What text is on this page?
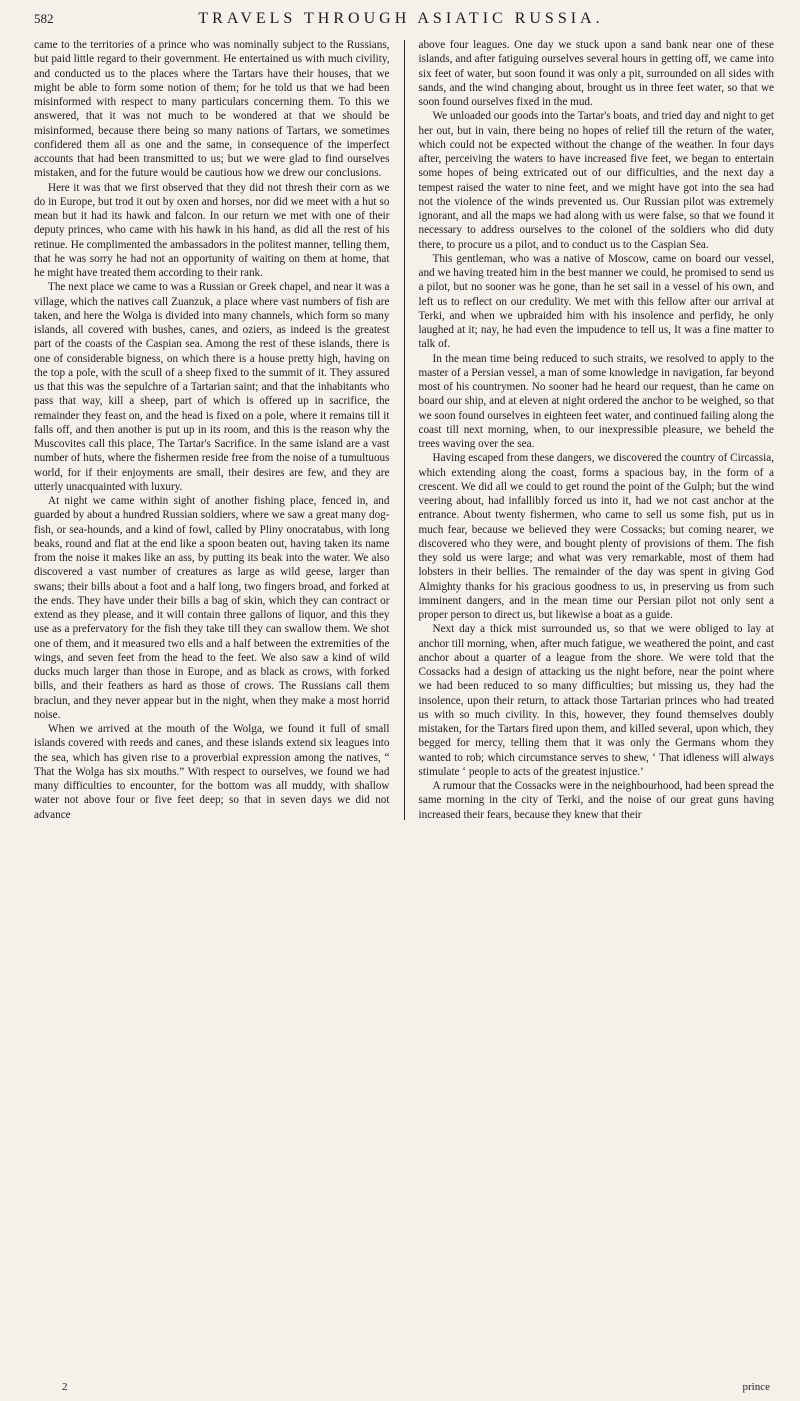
582	TRAVELS THROUGH ASIATIC RUSSIA.

came to the territories of a prince who was nominally subject to the Russians, but paid little regard to their government. He entertained us with much civility, and conducted us to the places where the Tartars have their houses, that we might be able to form some notion of them; for he told us that we had been misinformed with respect to many particulars concerning them. To this we answered, that it was not much to be wondered at that we should be misinformed, because there being so many nations of Tartars, we sometimes confidered them all as one and the same, in consequence of the imperfect accounts that had been transmitted to us; but we were glad to find ourselves mistaken, and for the future would be cautious how we drew our conclusions.

Here it was that we first observed that they did not thresh their corn as we do in Europe, but trod it out by oxen and horses, nor did we meet with a hut so mean but it had its hawk and falcon. In our return we met with one of their deputy princes, who came with his hawk in his hand, as did all the rest of his retinue. He complimented the ambassadors in the politest manner, telling them, that he was sorry he had not an opportunity of waiting on them at home, that he might have treated them according to their rank.

The next place we came to was a Russian or Greek chapel, and near it was a village, which the natives call Zuanzuk, a place where vast numbers of fish are taken, and here the Wolga is divided into many channels, which form so many islands, all covered with bushes, canes, and oziers, as indeed is the greatest part of the coasts of the Caspian sea. Among the rest of these islands, there is one of considerable bigness, on which there is a house pretty high, having on the top a pole, with the scull of a sheep fixed to the summit of it. They assured us that this was the sepulchre of a Tartarian saint; and that the inhabitants who pass that way, kill a sheep, part of which is offered up in sacrifice, the remainder they feast on, and the head is fixed on a pole, where it remains till it falls off, and then another is put up in its room, and this is the reason why the Muscovites call this place, The Tartar's Sacrifice. In the same island are a vast number of huts, where the fishermen reside free from the noise of a tumultuous world, for if their enjoyments are small, their desires are few, and they are utterly unacquainted with luxury.

At night we came within sight of another fishing place, fenced in, and guarded by about a hundred Russian soldiers, where we saw a great many dog-fish, or sea-hounds, and a kind of fowl, called by Pliny onocratabus, with long beaks, round and flat at the end like a spoon beaten out, having taken its name from the noise it makes like an ass, by putting its beak into the water. We also discovered a vast number of creatures as large as wild geese, larger than swans; their bills about a foot and a half long, two fingers broad, and forked at the ends. They have under their bills a bag of skin, which they can contract or extend as they please, and it will contain three gallons of liquor, and this they use as a prefervatory for the fish they take till they can swallow them. We shot one of them, and it measured two ells and a half between the extremities of the wings, and seven feet from the head to the feet. We also saw a kind of wild ducks much larger than those in Europe, and as black as crows, with forked bills, and their feathers as hard as those of crows. The Russians call them braclun, and they never appear but in the night, when they make a most horrid noise.

When we arrived at the mouth of the Wolga, we found it full of small islands covered with reeds and canes, and these islands extend six leagues into the sea, which has given rise to a proverbial expression among the natives, “ That the Wolga has six mouths.” With respect to ourselves, we found we had many difficulties to encounter, for the bottom was all muddy, with shallow water not above four or five feet deep; so that in seven days we did not advance

above four leagues. One day we stuck upon a sand bank near one of these islands, and after fatiguing ourselves several hours in getting off, we came into six feet of water, but soon found it was only a pit, surrounded on all sides with sands, and the wind changing about, brought us in three feet water, so that we soon found ourselves fixed in the mud.

We unloaded our goods into the Tartar's boats, and tried day and night to get her out, but in vain, there being no hopes of relief till the return of the water, which could not be expected without the change of the weather. In four days after, perceiving the waters to have increased five feet, we began to entertain some hopes of being extricated out of our difficulties, and the next day a tempest raised the water to nine feet, and we might have got into the sea had not the violence of the winds prevented us. Our Russian pilot was extremely ignorant, and all the maps we had along with us were false, so that we found it necessary to address ourselves to the colonel of the soldiers who did duty there, to procure us a pilot, and to conduct us to the Caspian Sea.

This gentleman, who was a native of Moscow, came on board our vessel, and we having treated him in the best manner we could, he promised to send us a pilot, but no sooner was he gone, than he set sail in a vessel of his own, and left us to reflect on our credulity. We met with this fellow after our arrival at Terki, and when we upbraided him with his insolence and perfidy, he only laughed at it; nay, he had even the impudence to tell us, It was a fine matter to talk of.

In the mean time being reduced to such straits, we resolved to apply to the master of a Persian vessel, a man of some knowledge in navigation, far beyond most of his countrymen. No sooner had he heard our request, than he came on board our ship, and at eleven at night ordered the anchor to be weighed, so that we soon found ourselves in eighteen feet water, and continued failing along the coast till next morning, when, to our inexpressible pleasure, we beheld the trees waving over the sea.

Having escaped from these dangers, we discovered the country of Circassia, which extending along the coast, forms a spacious bay, in the form of a crescent. We did all we could to get round the point of the Gulph; but the wind veering about, had infallibly forced us into it, had we not cast anchor at the entrance. About twenty fishermen, who came to sell us some fish, put us in much fear, because we believed they were Cossacks; but coming nearer, we discovered who they were, and bought plenty of provisions of them. The fish they sold us were large; and what was very remarkable, most of them had lobsters in their bellies. The remainder of the day was spent in giving God Almighty thanks for his gracious goodness to us, in preserving us from such imminent dangers, and in the mean time our Persian pilot not only sent a proper person to direct us, but likewise a boat as a guide.

Next day a thick mist surrounded us, so that we were obliged to lay at anchor till morning, when, after much fatigue, we weathered the point, and cast anchor about a quarter of a league from the shore. We were told that the Cossacks had a design of attacking us the night before, near the point where we had been reduced to so many difficulties; but missing us, they had the insolence, upon their return, to attack those Tartarian princes who had treated us with so much civility. In this, however, they found themselves doubly mistaken, for the Tartars fired upon them, and killed several, upon which, they begged for mercy, telling them that it was only the Germans whom they wanted to rob; which circumstance serves to shew, ‘ That idleness will always stimulate ‘ people to acts of the greatest injustice.’

A rumour that the Cossacks were in the neighbourhood, had been spread the same morning in the city of Terki, and the noise of our great guns having increased their fears, because they knew that their

2	prince
